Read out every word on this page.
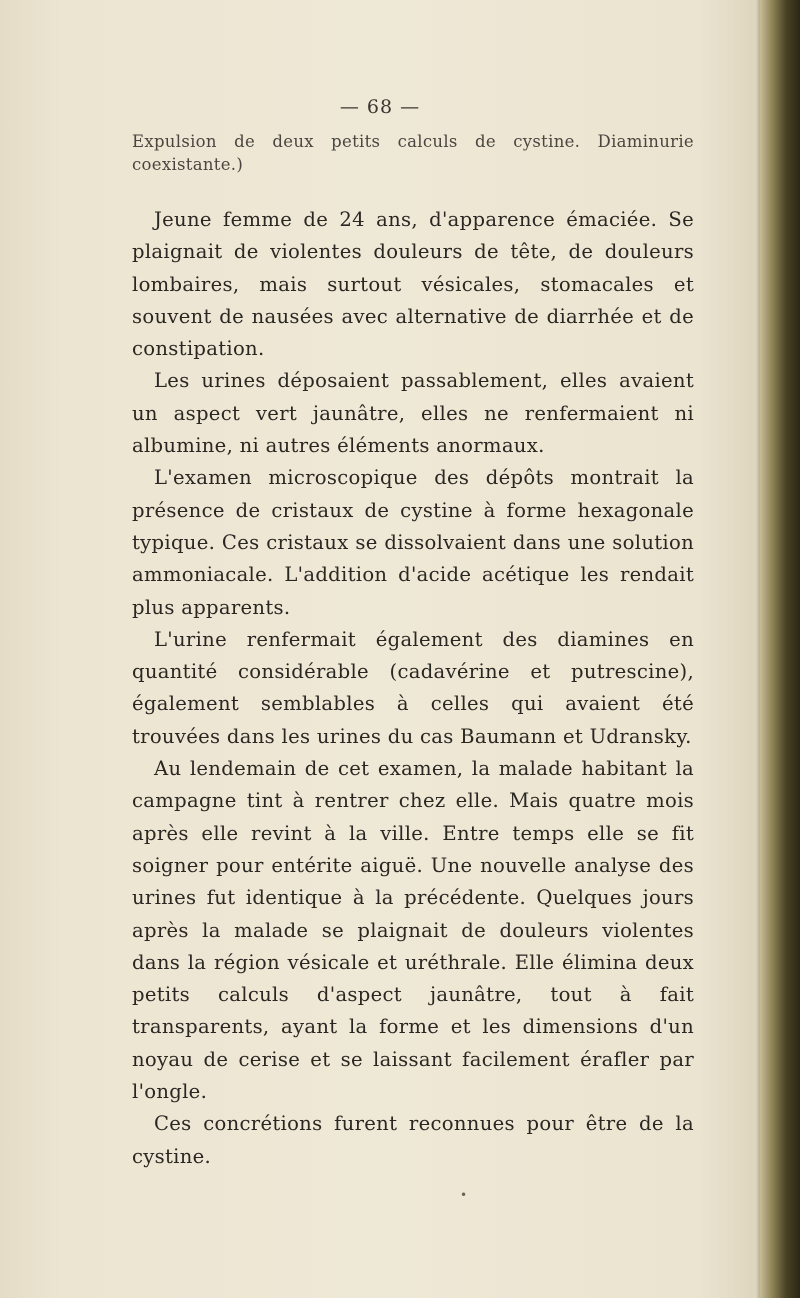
— 68 —

Expulsion de deux petits calculs de cystine. Diaminurie coexistante.)

Jeune femme de 24 ans, d'apparence émaciée. Se plaignait de violentes douleurs de tête, de douleurs lombaires, mais surtout vésicales, stomacales et souvent de nausées avec alternative de diarrhée et de constipation.

Les urines déposaient passablement, elles avaient un aspect vert jaunâtre, elles ne renfermaient ni albumine, ni autres éléments anormaux.

L'examen microscopique des dépôts montrait la présence de cristaux de cystine à forme hexagonale typique. Ces cristaux se dissolvaient dans une solution ammoniacale. L'addition d'acide acétique les rendait plus apparents.

L'urine renfermait également des diamines en quantité considérable (cadavérine et putrescine), également semblables à celles qui avaient été trouvées dans les urines du cas Baumann et Udransky.

Au lendemain de cet examen, la malade habitant la campagne tint à rentrer chez elle. Mais quatre mois après elle revint à la ville. Entre temps elle se fit soigner pour entérite aiguë. Une nouvelle analyse des urines fut identique à la précédente. Quelques jours après la malade se plaignait de douleurs violentes dans la région vésicale et uréthrale. Elle élimina deux petits calculs d'aspect jaunâtre, tout à fait transparents, ayant la forme et les dimensions d'un noyau de cerise et se laissant facilement érafler par l'ongle.

Ces concrétions furent reconnues pour être de la cystine.

•
